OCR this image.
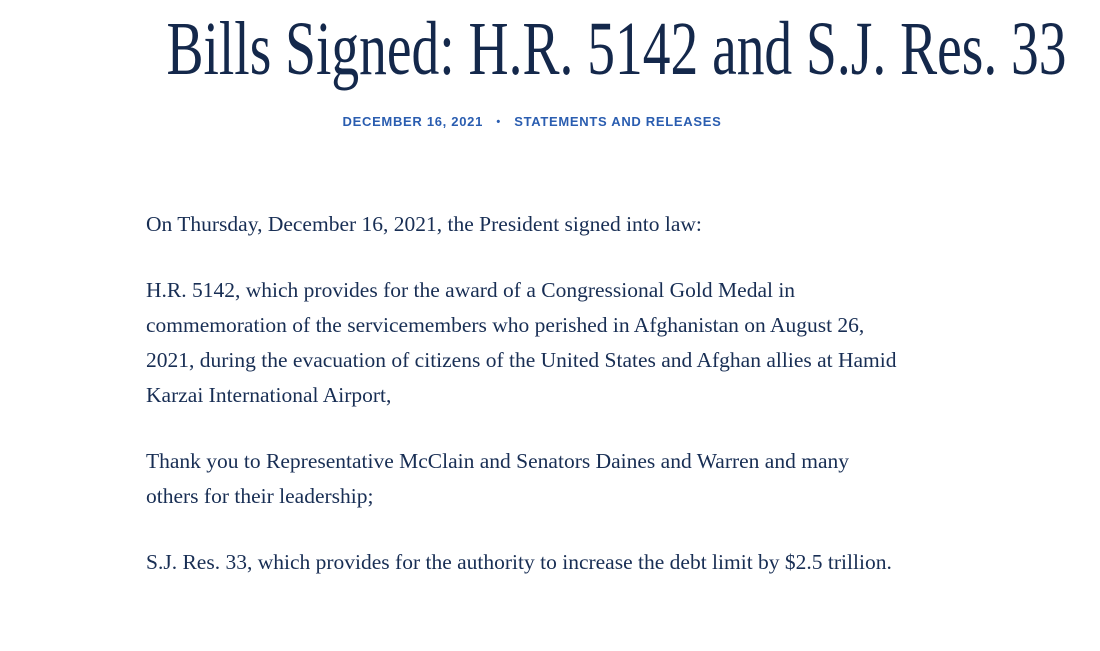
Bills Signed: H.R. 5142 and S.J. Res. 33
DECEMBER 16, 2021 • STATEMENTS AND RELEASES

On Thursday, December 16, 2021, the President signed into law:

H.R. 5142, which provides for the award of a Congressional Gold Medal in commemoration of the servicemembers who perished in Afghanistan on August 26, 2021, during the evacuation of citizens of the United States and Afghan allies at Hamid Karzai International Airport,

Thank you to Representative McClain and Senators Daines and Warren and many others for their leadership;

S.J. Res. 33, which provides for the authority to increase the debt limit by $2.5 trillion.
